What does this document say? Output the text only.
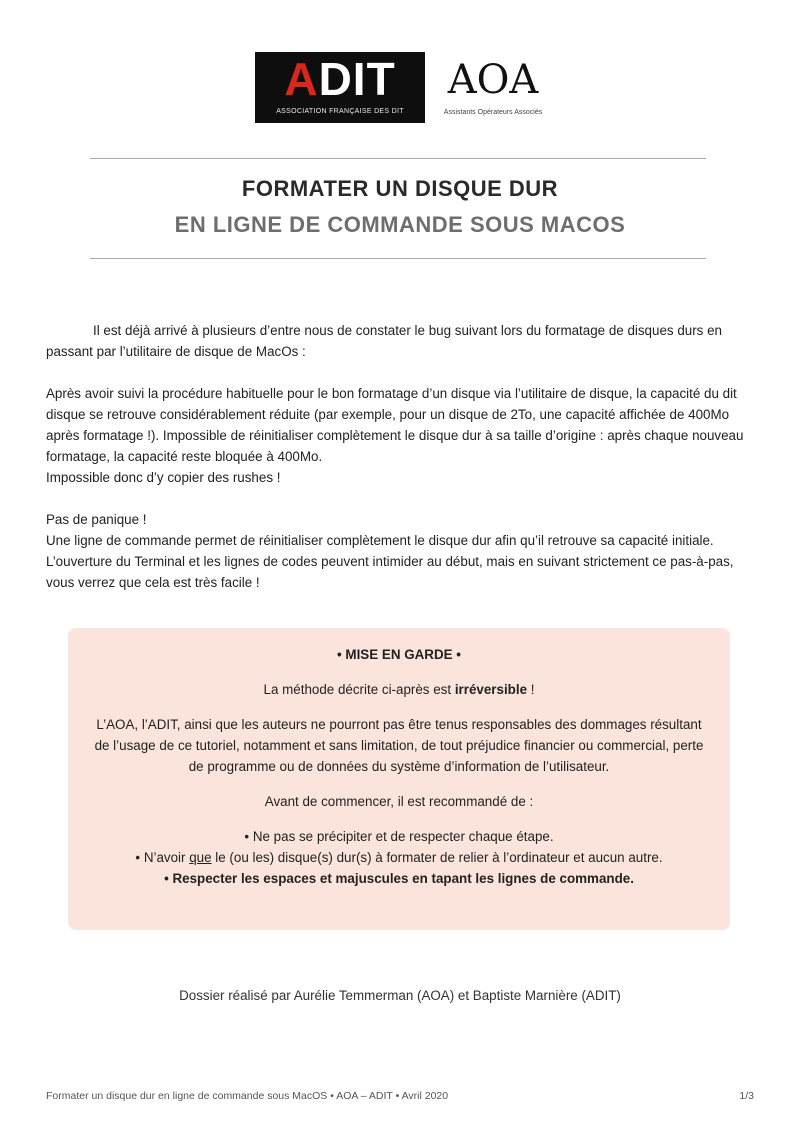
ADIT
ASSOCIATION FRANÇAISE DES DIT
AOA
Assistants Opérateurs Associés
FORMATER UN DISQUE DUR
EN LIGNE DE COMMANDE SOUS MACOS

Il est déjà arrivé à plusieurs d’entre nous de constater le bug suivant lors du formatage de disques durs en passant par l’utilitaire de disque de MacOs :

Après avoir suivi la procédure habituelle pour le bon formatage d’un disque via l’utilitaire de disque, la capacité du dit disque se retrouve considérablement réduite (par exemple, pour un disque de 2To, une capacité affichée de 400Mo après formatage !). Impossible de réinitialiser complètement le disque dur à sa taille d’origine : après chaque nouveau formatage, la capacité reste bloquée à 400Mo.

Impossible donc d’y copier des rushes !

Pas de panique !

Une ligne de commande permet de réinitialiser complètement le disque dur afin qu’il retrouve sa capacité initiale. L’ouverture du Terminal et les lignes de codes peuvent intimider au début, mais en suivant strictement ce pas-à-pas, vous verrez que cela est très facile !

• MISE EN GARDE •

La méthode décrite ci-après est irréversible !

L’AOA, l’ADIT, ainsi que les auteurs ne pourront pas être tenus responsables des dommages résultant de l’usage de ce tutoriel, notamment et sans limitation, de tout préjudice financier ou commercial, perte de programme ou de données du système d’information de l’utilisateur.

Avant de commencer, il est recommandé de :

• Ne pas se précipiter et de respecter chaque étape.

• N’avoir que le (ou les) disque(s) dur(s) à formater de relier à l’ordinateur et aucun autre.

• Respecter les espaces et majuscules en tapant les lignes de commande.

Dossier réalisé par Aurélie Temmerman (AOA) et Baptiste Marnière (ADIT)
Formater un disque dur en ligne de commande sous MacOS • AOA – ADIT • Avril 2020	1/3
